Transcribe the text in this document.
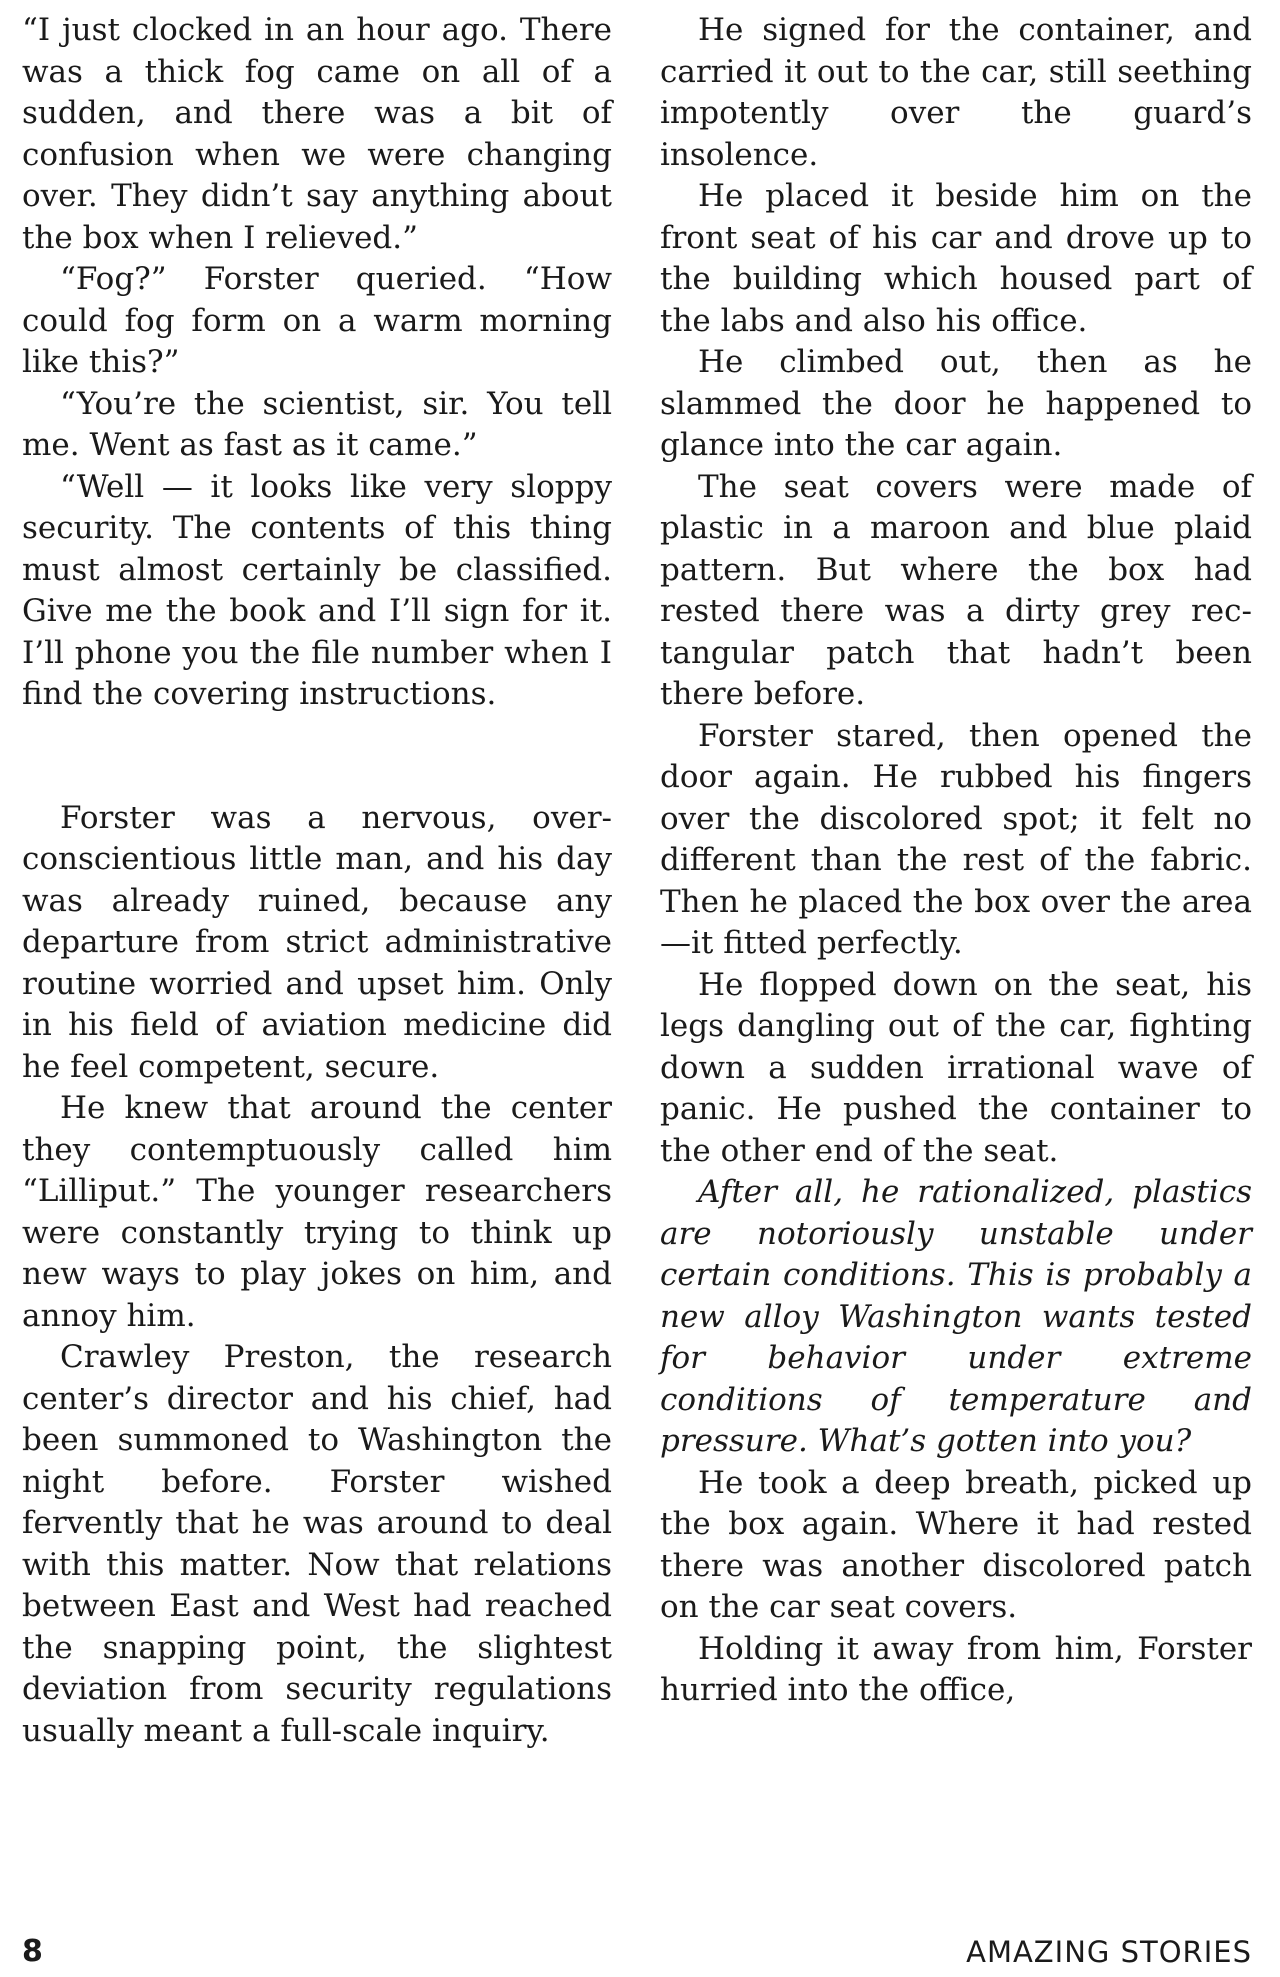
“I just clocked in an hour ago. There was a thick fog came on all of a sudden, and there was a bit of confusion when we were changing over. They didn’t say anything about the box when I relieved.”

“Fog?” Forster queried. “How could fog form on a warm morning like this?”

“You’re the scientist, sir. You tell me. Went as fast as it came.”

“Well — it looks like very sloppy security. The contents of this thing must almost certainly be classified. Give me the book and I’ll sign for it. I’ll phone you the file number when I find the covering instructions.

Forster was a nervous, overconscientious little man, and his day was already ruined, because any departure from strict administrative routine worried and upset him. Only in his field of aviation medicine did he feel competent, secure.

He knew that around the center they contemptuously called him “Lilliput.” The younger researchers were constantly trying to think up new ways to play jokes on him, and annoy him.

Crawley Preston, the research center’s director and his chief, had been summoned to Washington the night before. Forster wished fervently that he was around to deal with this matter. Now that relations between East and West had reached the snapping point, the slightest deviation from security regulations usually meant a full-scale inquiry.

He signed for the container, and carried it out to the car, still seething impotently over the guard’s insolence.

He placed it beside him on the front seat of his car and drove up to the building which housed part of the labs and also his office.

He climbed out, then as he slammed the door he happened to glance into the car again.

The seat covers were made of plastic in a maroon and blue plaid pattern. But where the box had rested there was a dirty grey rectangular patch that hadn’t been there before.

Forster stared, then opened the door again. He rubbed his fingers over the discolored spot; it felt no different than the rest of the fabric. Then he placed the box over the area—it fitted perfectly.

He flopped down on the seat, his legs dangling out of the car, fighting down a sudden irrational wave of panic. He pushed the container to the other end of the seat.

After all, he rationalized, plastics are notoriously unstable under certain conditions. This is probably a new alloy Washington wants tested for behavior under extreme conditions of temperature and pressure. What’s gotten into you?

He took a deep breath, picked up the box again. Where it had rested there was another discolored patch on the car seat covers.

Holding it away from him, Forster hurried into the office,

8	AMAZING STORIES
